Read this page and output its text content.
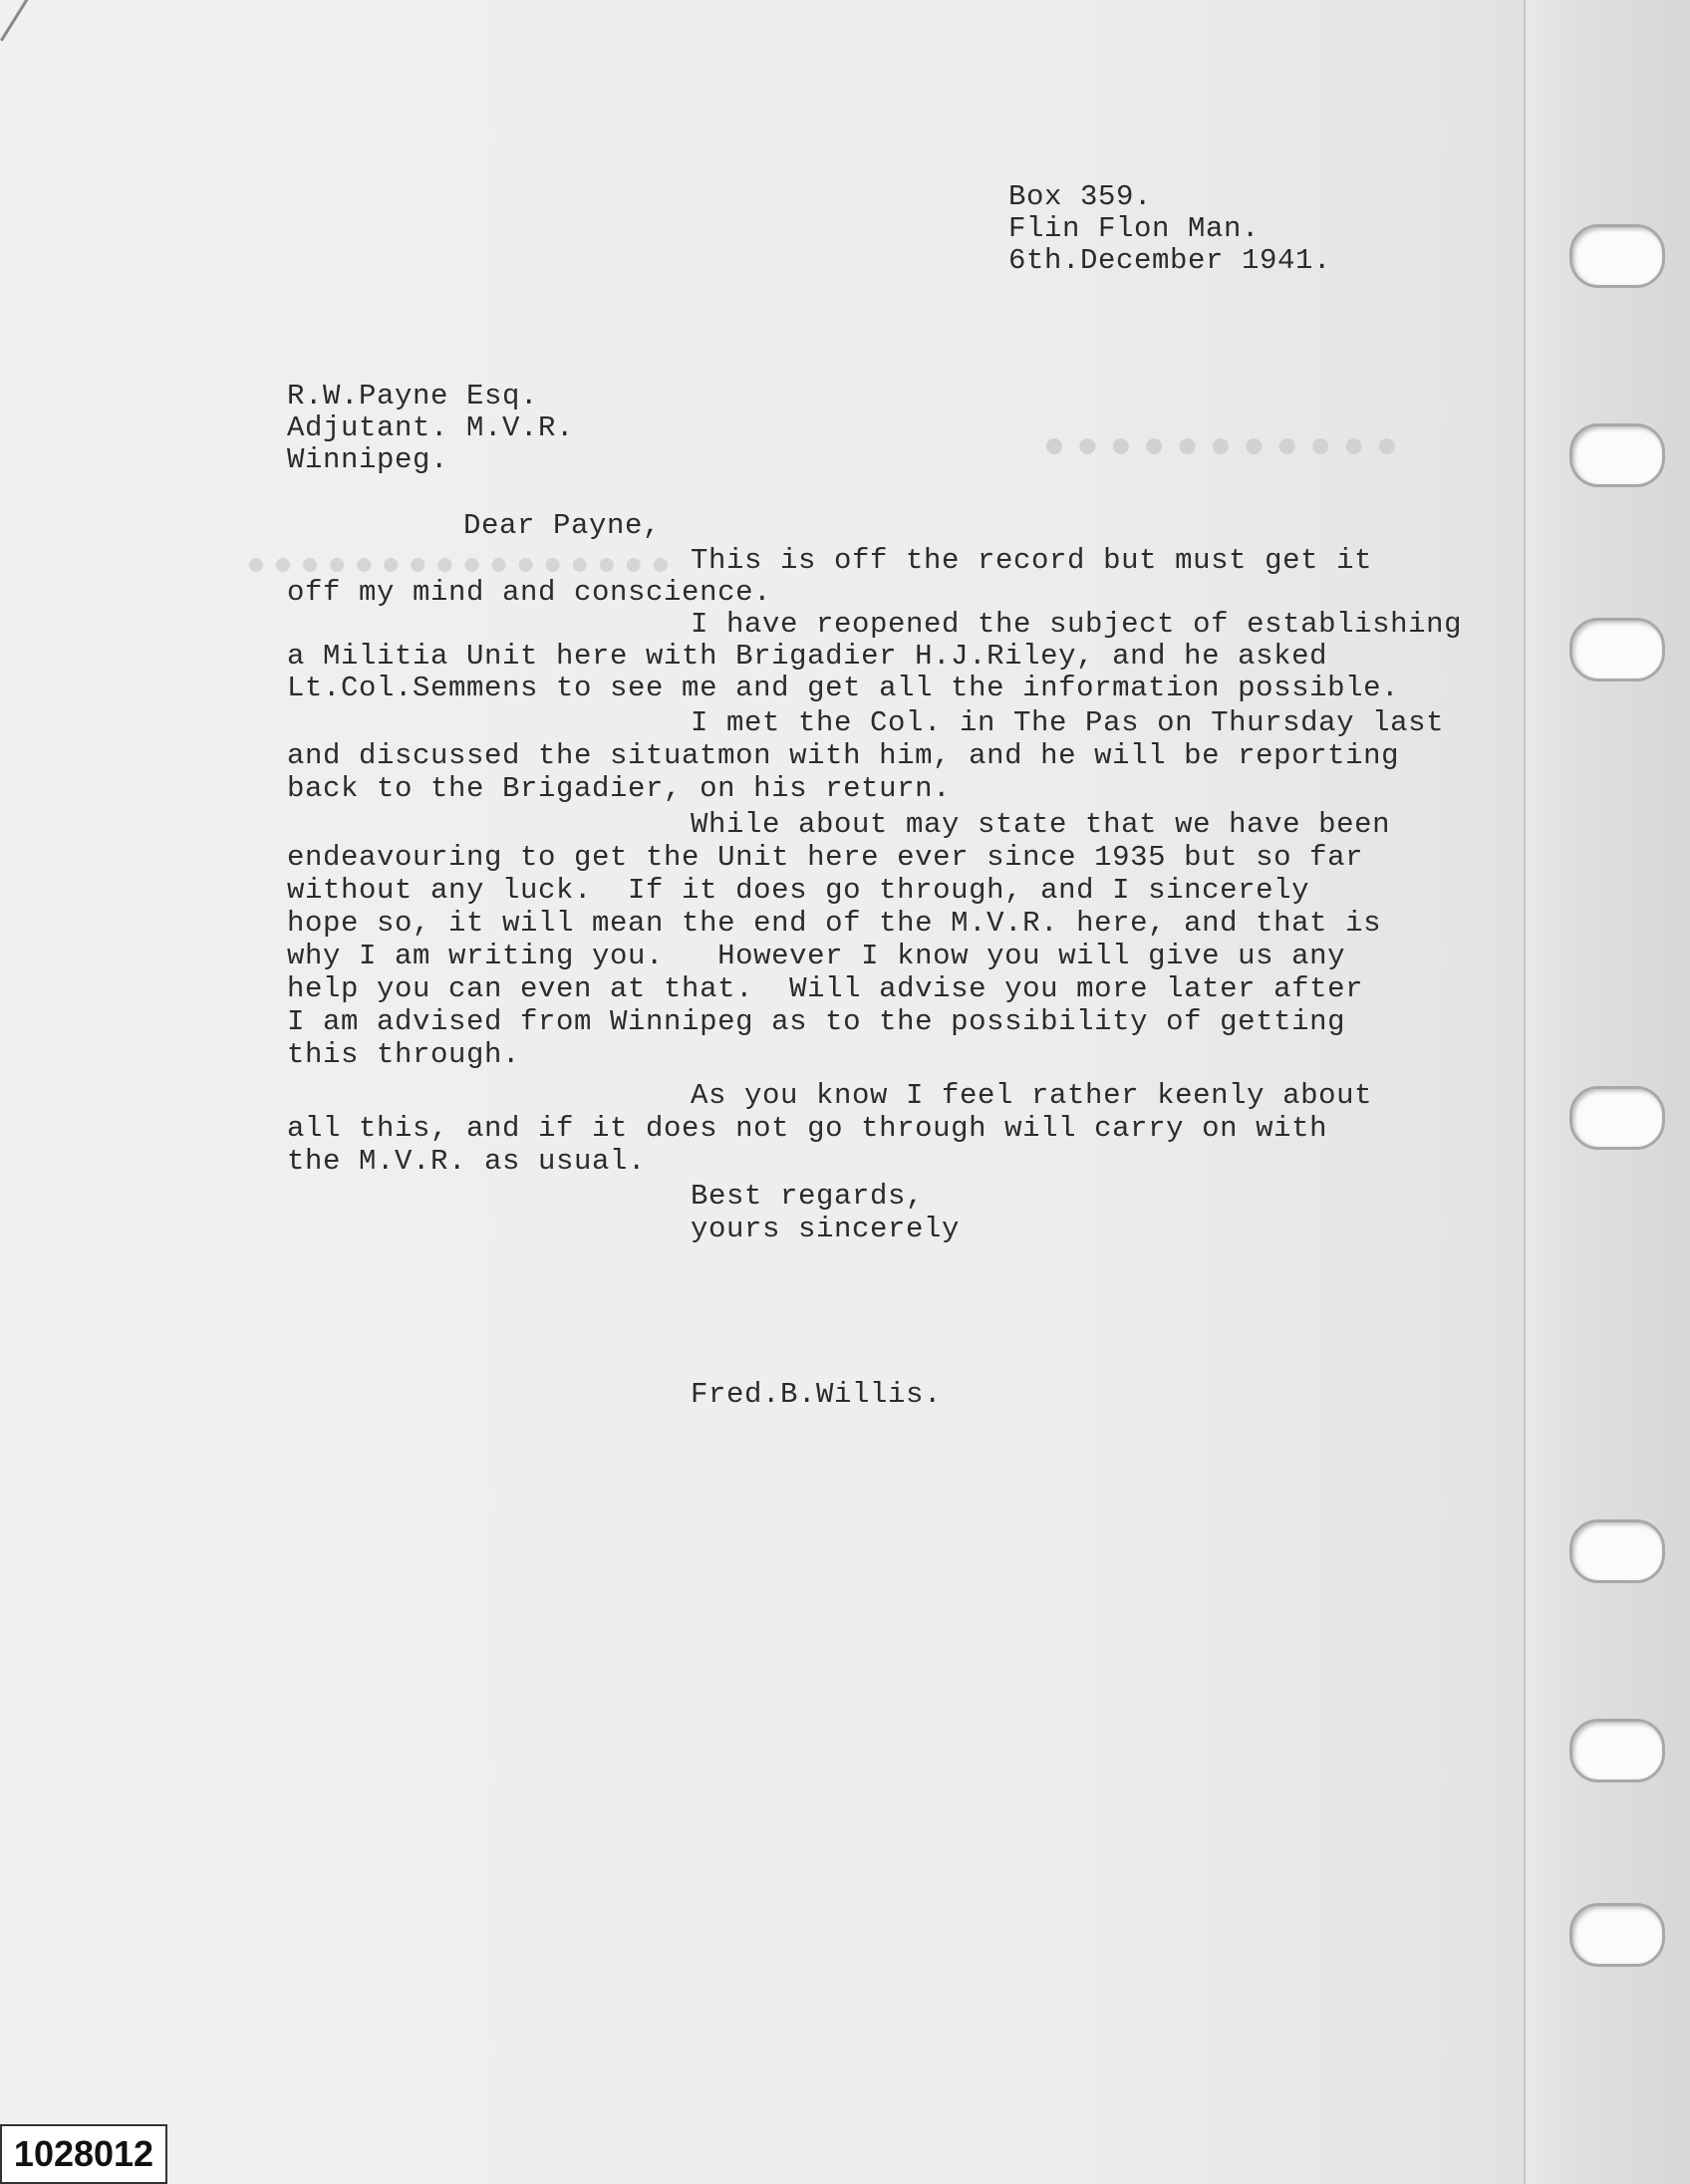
Box 359.
Flin Flon Man.
6th.December 1941.
R.W.Payne Esq.
Adjutant. M.V.R.
Winnipeg.
Dear Payne,
This is off the record but must get it
off my mind and conscience.
I have reopened the subject of establishing
a Militia Unit here with Brigadier H.J.Riley, and he asked
Lt.Col.Semmens to see me and get all the information possible.
I met the Col. in The Pas on Thursday last
and discussed the situatmon with him, and he will be reporting
back to the Brigadier, on his return.
While about may state that we have been
endeavouring to get the Unit here ever since 1935 but so far
without any luck.  If it does go through, and I sincerely
hope so, it will mean the end of the M.V.R. here, and that is
why I am writing you.   However I know you will give us any
help you can even at that.  Will advise you more later after
I am advised from Winnipeg as to the possibility of getting
this through.
As you know I feel rather keenly about
all this, and if it does not go through will carry on with
the M.V.R. as usual.
Best regards,
yours sincerely
Fred.B.Willis.
1028012
